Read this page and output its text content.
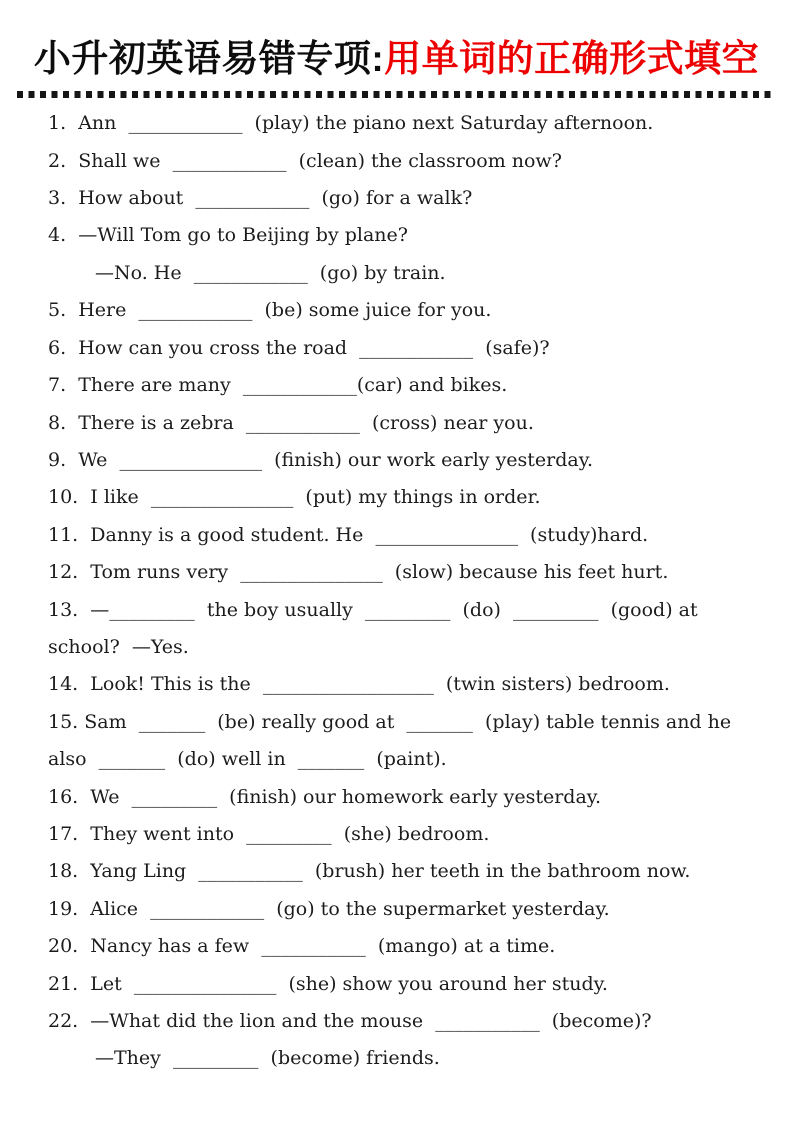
小升初英语易错专项:用单词的正确形式填空

1.  Ann  ____________  (play) the piano next Saturday afternoon.

2.  Shall we  ____________  (clean) the classroom now?

3.  How about  ____________  (go) for a walk?

4.  —Will Tom go to Beijing by plane?

—No. He  ____________  (go) by train.

5.  Here  ____________  (be) some juice for you.

6.  How can you cross the road  ____________  (safe)?

7.  There are many  ____________(car) and bikes.

8.  There is a zebra  ____________  (cross) near you.

9.  We  _______________  (finish) our work early yesterday.

10.  I like  _______________  (put) my things in order.

11.  Danny is a good student. He  _______________  (study)hard.

12.  Tom runs very  _______________  (slow) because his feet hurt.

13.  —_________  the boy usually  _________  (do)  _________  (good) at

school?  —Yes.

14.  Look! This is the  __________________  (twin sisters) bedroom.

15. Sam  _______  (be) really good at  _______  (play) table tennis and he

also  _______  (do) well in  _______  (paint).

16.  We  _________  (finish) our homework early yesterday.

17.  They went into  _________  (she) bedroom.

18.  Yang Ling  ___________  (brush) her teeth in the bathroom now.

19.  Alice  ____________  (go) to the supermarket yesterday.

20.  Nancy has a few  ___________  (mango) at a time.

21.  Let  _______________  (she) show you around her study.

22.  —What did the lion and the mouse  ___________  (become)?

—They  _________  (become) friends.
